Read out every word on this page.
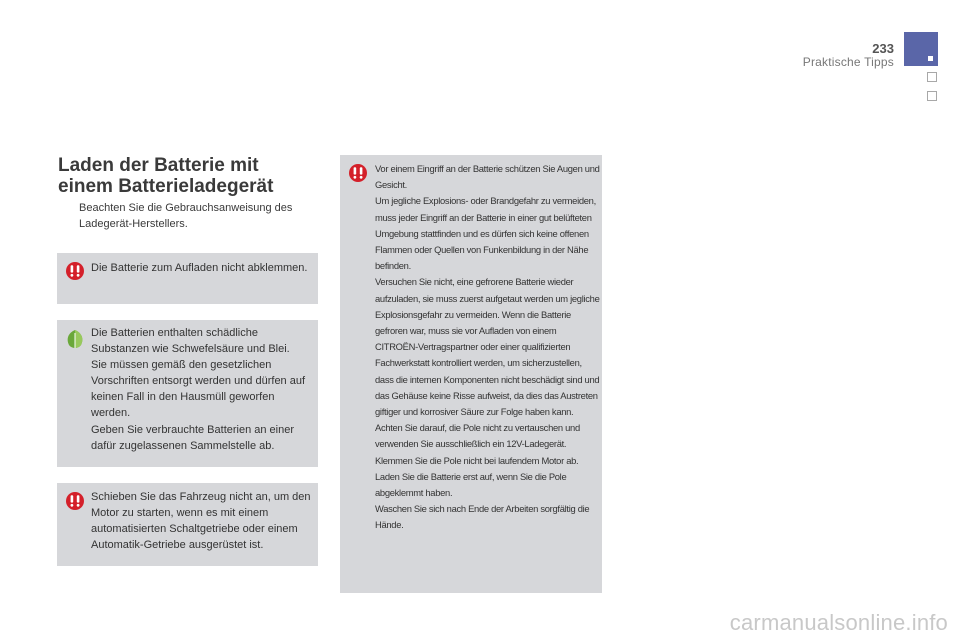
233
Praktische Tipps
Laden der Batterie mit einem Batterieladegerät
Beachten Sie die Gebrauchsanweisung des Ladegerät-Herstellers.
Die Batterie zum Aufladen nicht abklemmen.
Die Batterien enthalten schädliche Substanzen wie Schwefelsäure und Blei.
Sie müssen gemäß den gesetzlichen Vorschriften entsorgt werden und dürfen auf keinen Fall in den Hausmüll geworfen werden.
Geben Sie verbrauchte Batterien an einer dafür zugelassenen Sammelstelle ab.
Schieben Sie das Fahrzeug nicht an, um den Motor zu starten, wenn es mit einem automatisierten Schaltgetriebe oder einem Automatik-Getriebe ausgerüstet ist.
Vor einem Eingriff an der Batterie schützen Sie Augen und Gesicht.
Um jegliche Explosions- oder Brandgefahr zu vermeiden, muss jeder Eingriff an der Batterie in einer gut belüfteten Umgebung stattfinden und es dürfen sich keine offenen Flammen oder Quellen von Funkenbildung in der Nähe befinden.
Versuchen Sie nicht, eine gefrorene Batterie wieder aufzuladen, sie muss zuerst aufgetaut werden um jegliche Explosionsgefahr zu vermeiden. Wenn die Batterie gefroren war, muss sie vor Aufladen von einem CITROËN-Vertragspartner oder einer qualifizierten Fachwerkstatt kontrolliert werden, um sicherzustellen, dass die internen Komponenten nicht beschädigt sind und das Gehäuse keine Risse aufweist, da dies das Austreten giftiger und korrosiver Säure zur Folge haben kann.
Achten Sie darauf, die Pole nicht zu vertauschen und verwenden Sie ausschließlich ein 12V-Ladegerät.
Klemmen Sie die Pole nicht bei laufendem Motor ab.
Laden Sie die Batterie erst auf, wenn Sie die Pole abgeklemmt haben.
Waschen Sie sich nach Ende der Arbeiten sorgfältig die Hände.
carmanualsonline.info
